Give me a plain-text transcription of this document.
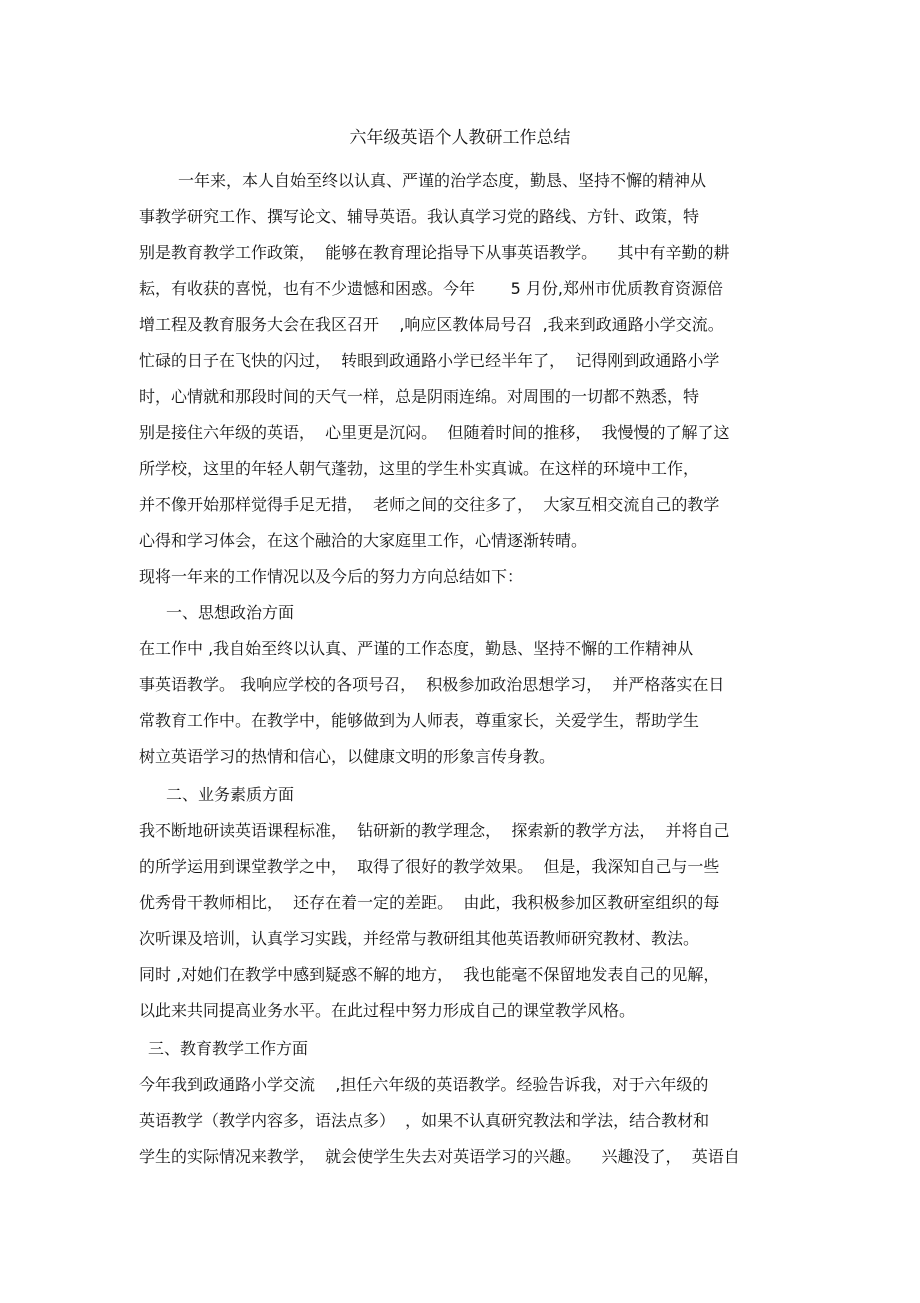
六年级英语个人教研工作总结
一年来，本人自始至终以认真、严谨的治学态度，勤恳、坚持不懈的精神从
事教学研究工作、撰写论文、辅导英语。我认真学习党的路线、方针、政策，特
别是教育教学工作政策，  能够在教育理论指导下从事英语教学。    其中有辛勤的耕
耘，有收获的喜悦，也有不少遗憾和困惑。今年       5 月份,郑州市优质教育资源倍
增工程及教育服务大会在我区召开    ,响应区教体局号召  ,我来到政通路小学交流。
忙碌的日子在飞快的闪过，  转眼到政通路小学已经半年了，  记得刚到政通路小学
时，心情就和那段时间的天气一样，总是阴雨连绵。对周围的一切都不熟悉，特
别是接住六年级的英语，  心里更是沉闷。  但随着时间的推移，  我慢慢的了解了这
所学校，这里的年轻人朝气蓬勃，这里的学生朴实真诚。在这样的环境中工作，
并不像开始那样觉得手足无措，  老师之间的交往多了，  大家互相交流自己的教学
心得和学习体会，在这个融洽的大家庭里工作，心情逐渐转晴。
现将一年来的工作情况以及今后的努力方向总结如下：
一、思想政治方面
在工作中 ,我自始至终以认真、严谨的工作态度，勤恳、坚持不懈的工作精神从
事英语教学。 我响应学校的各项号召，  积极参加政治思想学习，  并严格落实在日
常教育工作中。在教学中，能够做到为人师表，尊重家长，关爱学生，帮助学生
树立英语学习的热情和信心，以健康文明的形象言传身教。
二、业务素质方面
我不断地研读英语课程标准，  钻研新的教学理念，  探索新的教学方法，  并将自己
的所学运用到课堂教学之中，  取得了很好的教学效果。  但是，我深知自己与一些
优秀骨干教师相比，  还存在着一定的差距。  由此，我积极参加区教研室组织的每
次听课及培训，认真学习实践，并经常与教研组其他英语教师研究教材、教法。
同时 ,对她们在教学中感到疑惑不解的地方，  我也能毫不保留地发表自己的见解，
以此来共同提高业务水平。在此过程中努力形成自己的课堂教学风格。
三、教育教学工作方面
今年我到政通路小学交流    ,担任六年级的英语教学。经验告诉我，对于六年级的
英语教学（教学内容多，语法点多）  ，如果不认真研究教法和学法，结合教材和
学生的实际情况来教学，  就会使学生失去对英语学习的兴趣。    兴趣没了，  英语自
